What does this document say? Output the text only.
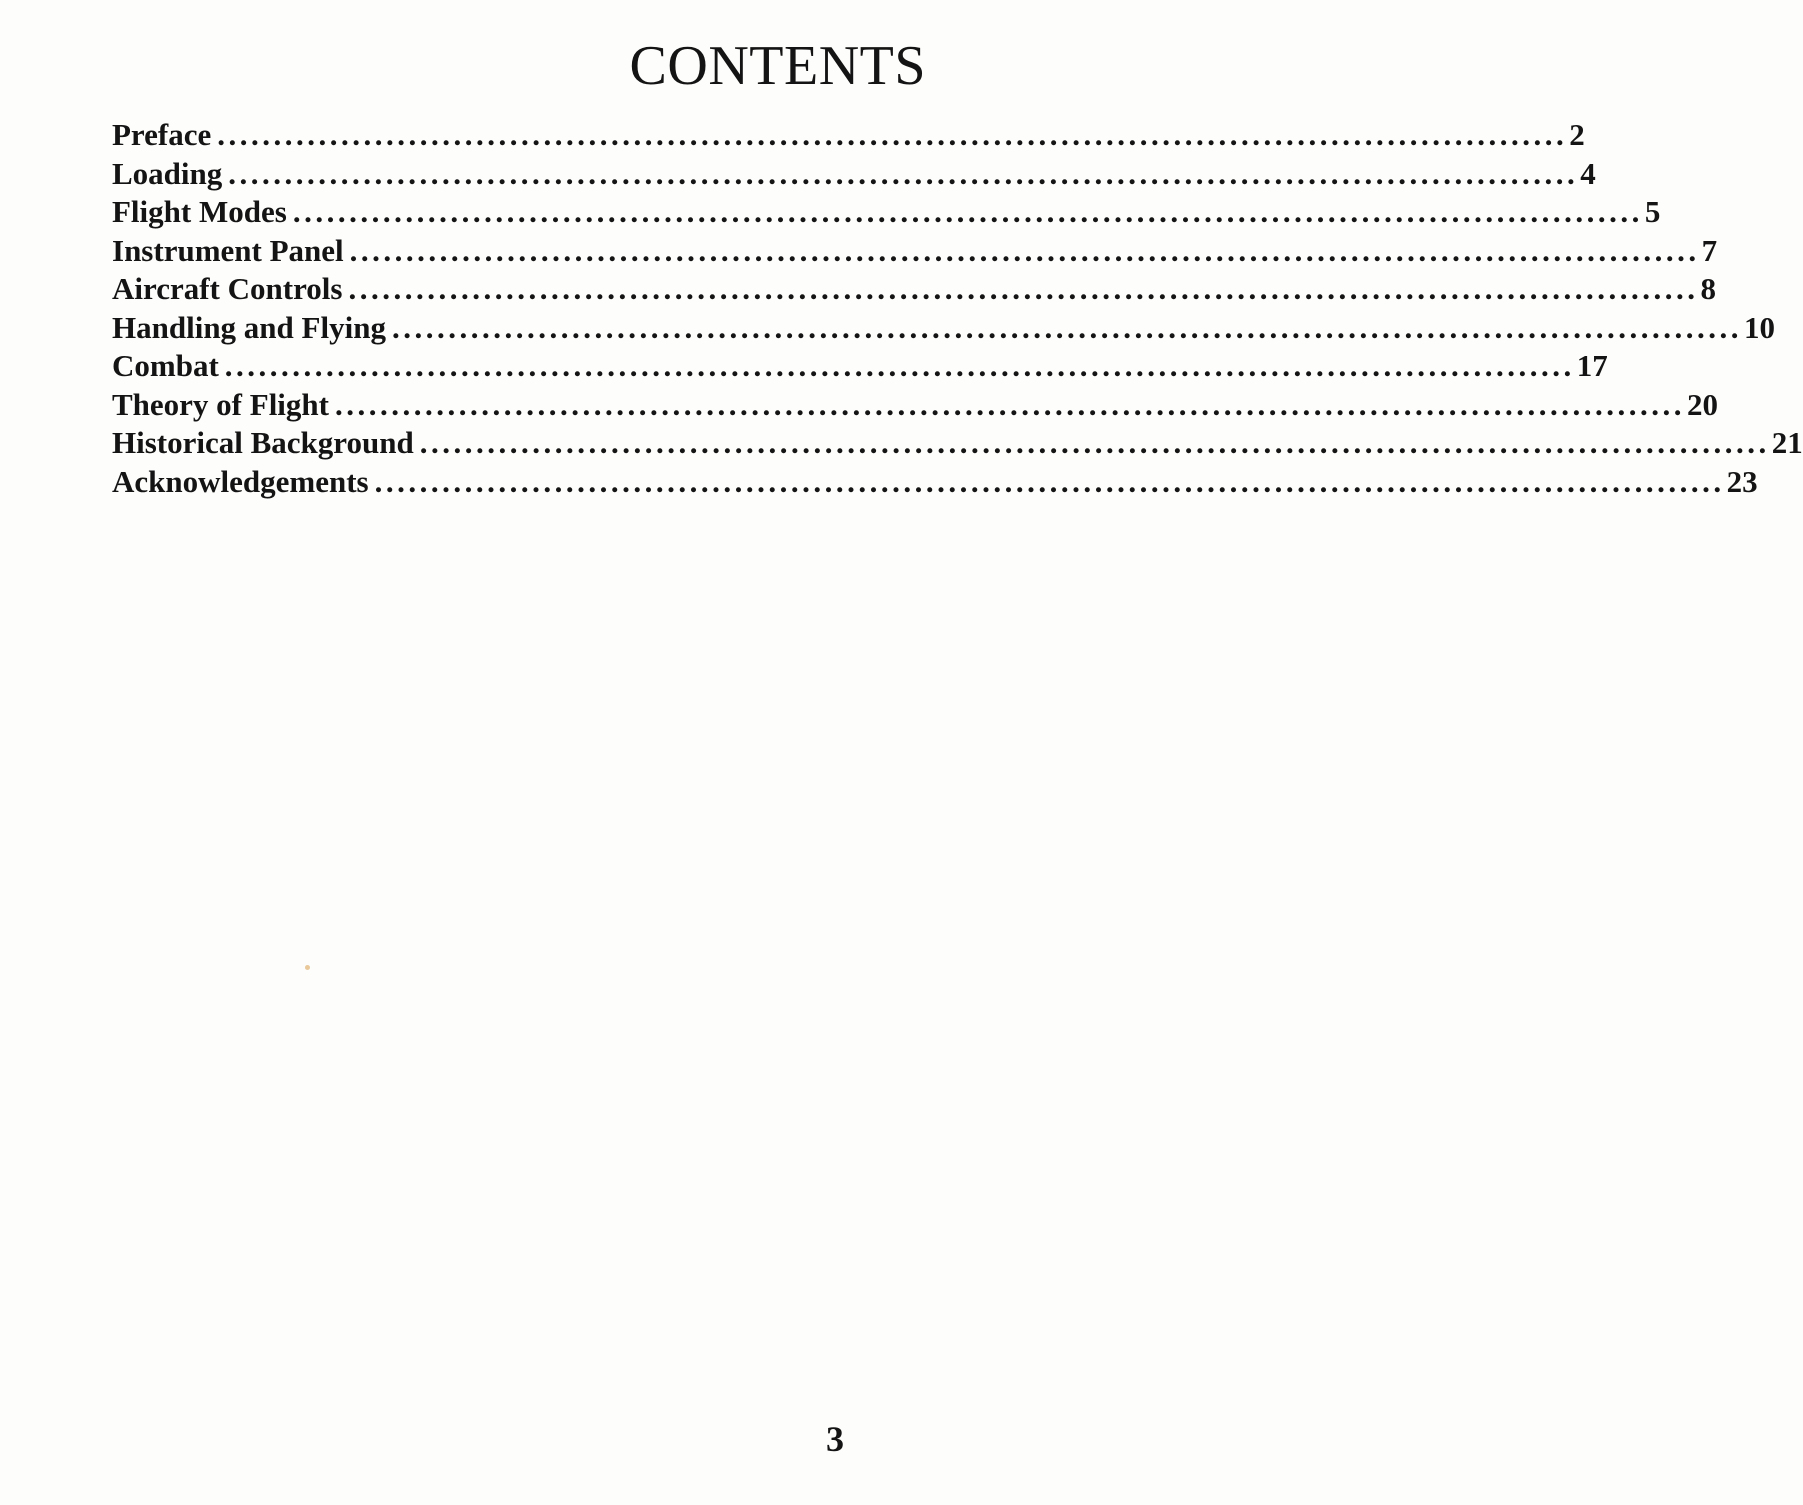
CONTENTS
Preface ........................................................................................................................ 2
Loading ........................................................................................................................ 4
Flight Modes ........................................................................................................................ 5
Instrument Panel ........................................................................................................................ 7
Aircraft Controls ........................................................................................................................ 8
Handling and Flying ........................................................................................................................ 10
Combat ........................................................................................................................ 17
Theory of Flight ........................................................................................................................ 20
Historical Background ........................................................................................................................ 21
Acknowledgements ........................................................................................................................ 23
3
